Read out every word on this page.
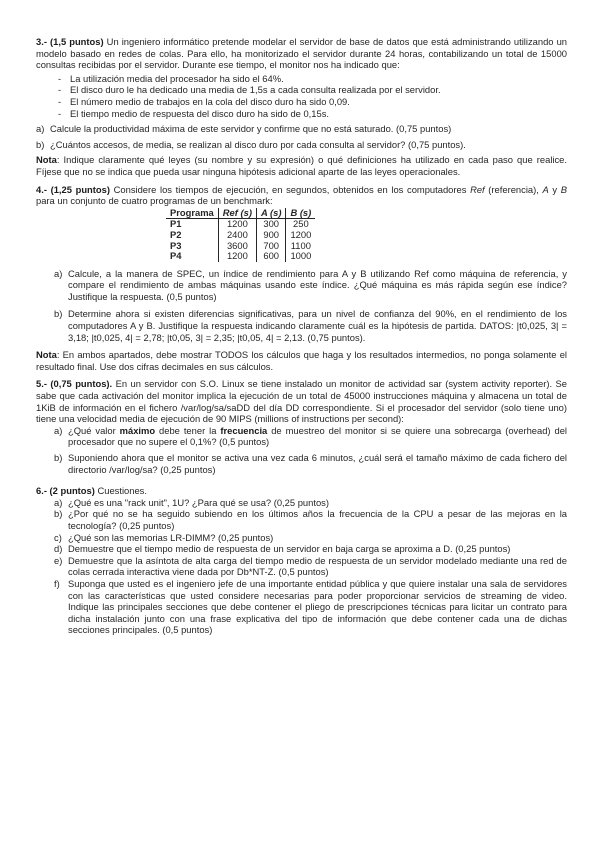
3.- (1,5 puntos) Un ingeniero informático pretende modelar el servidor de base de datos que está administrando utilizando un modelo basado en redes de colas. Para ello, ha monitorizado el servidor durante 24 horas, contabilizando un total de 15000 consultas recibidas por el servidor. Durante ese tiempo, el monitor nos ha indicado que:

- La utilización media del procesador ha sido el 64%.
- El disco duro le ha dedicado una media de 1,5s a cada consulta realizada por el servidor.
- El número medio de trabajos en la cola del disco duro ha sido 0,09.
- El tiempo medio de respuesta del disco duro ha sido de 0,15s.
a) Calcule la productividad máxima de este servidor y confirme que no está saturado. (0,75 puntos)
b) ¿Cuántos accesos, de media, se realizan al disco duro por cada consulta al servidor? (0,75 puntos).

Nota: Indique claramente qué leyes (su nombre y su expresión) o qué definiciones ha utilizado en cada paso que realice. Fíjese que no se indica que pueda usar ninguna hipótesis adicional aparte de las leyes operacionales.

4.- (1,25 puntos) Considere los tiempos de ejecución, en segundos, obtenidos en los computadores Ref (referencia), A y B para un conjunto de cuatro programas de un benchmark:

Programa	Ref (s)	A (s)	B (s)
P1	1200	300	250
P2	2400	900	1200
P3	3600	700	1100
P4	1200	600	1000
a) Calcule, a la manera de SPEC, un índice de rendimiento para A y B utilizando Ref como máquina de referencia, y compare el rendimiento de ambas máquinas usando este índice. ¿Qué máquina es más rápida según ese índice? Justifique la respuesta. (0,5 puntos)
b) Determine ahora si existen diferencias significativas, para un nivel de confianza del 90%, en el rendimiento de los computadores A y B. Justifique la respuesta indicando claramente cuál es la hipótesis de partida. DATOS: |t0,025, 3| = 3,18; |t0,025, 4| = 2,78; |t0,05, 3| = 2,35; |t0,05, 4| = 2,13. (0,75 puntos).

Nota: En ambos apartados, debe mostrar TODOS los cálculos que haga y los resultados intermedios, no ponga solamente el resultado final. Use dos cifras decimales en sus cálculos.

5.- (0,75 puntos). En un servidor con S.O. Linux se tiene instalado un monitor de actividad sar (system activity reporter). Se sabe que cada activación del monitor implica la ejecución de un total de 45000 instrucciones máquina y almacena un total de 1KiB de información en el fichero /var/log/sa/saDD del día DD correspondiente. Si el procesador del servidor (solo tiene uno) tiene una velocidad media de ejecución de 90 MIPS (millions of instructions per second):

a) ¿Qué valor máximo debe tener la frecuencia de muestreo del monitor si se quiere una sobrecarga (overhead) del procesador que no supere el 0,1%? (0,5 puntos)
b) Suponiendo ahora que el monitor se activa una vez cada 6 minutos, ¿cuál será el tamaño máximo de cada fichero del directorio /var/log/sa? (0,25 puntos)

6.- (2 puntos) Cuestiones.

a) ¿Qué es una "rack unit", 1U? ¿Para qué se usa? (0,25 puntos)
b) ¿Por qué no se ha seguido subiendo en los últimos años la frecuencia de la CPU a pesar de las mejoras en la tecnología? (0,25 puntos)
c) ¿Qué son las memorias LR-DIMM? (0,25 puntos)
d) Demuestre que el tiempo medio de respuesta de un servidor en baja carga se aproxima a D. (0,25 puntos)
e) Demuestre que la asíntota de alta carga del tiempo medio de respuesta de un servidor modelado mediante una red de colas cerrada interactiva viene dada por Db*NT-Z. (0,5 puntos)
f) Suponga que usted es el ingeniero jefe de una importante entidad pública y que quiere instalar una sala de servidores con las características que usted considere necesarias para poder proporcionar servicios de streaming de video. Indique las principales secciones que debe contener el pliego de prescripciones técnicas para licitar un contrato para dicha instalación junto con una frase explicativa del tipo de información que debe contener cada una de dichas secciones principales. (0,5 puntos)
